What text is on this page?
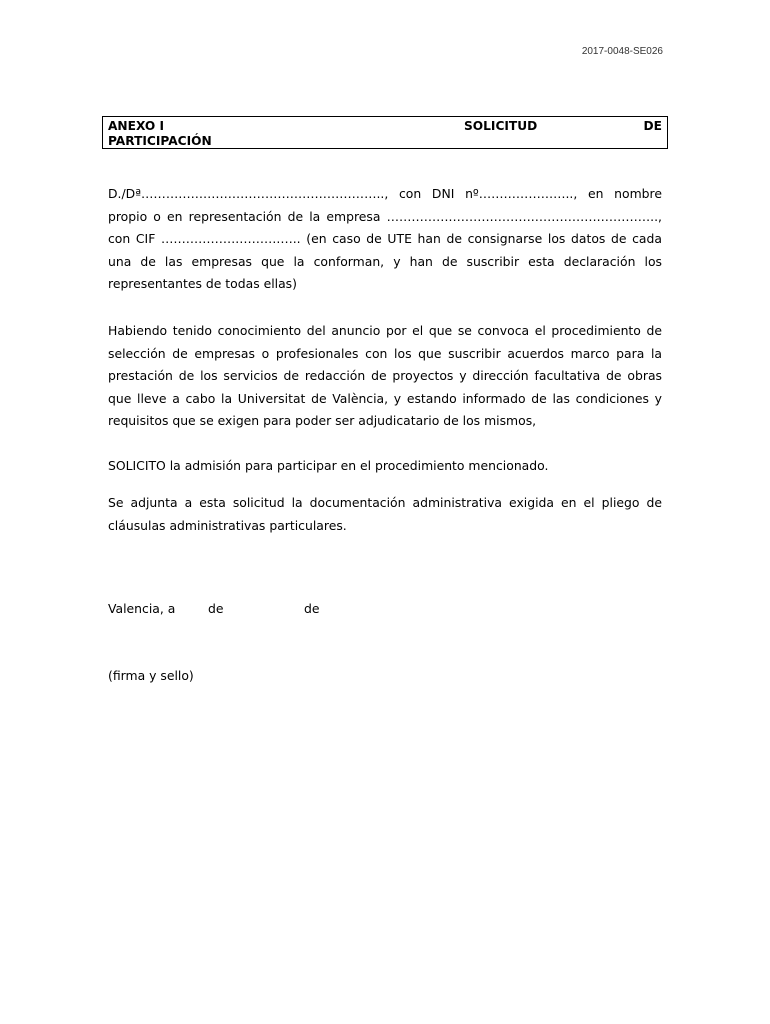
2017-0048-SE026
ANEXO I	SOLICITUD	DE
PARTICIPACIÓN
D./Dª………………………………………………….., con DNI nº………………….., en nombre propio o en representación de la empresa …………….……….……….…………….………….., con CIF ……………….……….….. (en caso de UTE han de consignarse los datos de cada una de las empresas que la conforman, y han de suscribir esta declaración los representantes de todas ellas)
Habiendo tenido conocimiento del anuncio por el que se convoca el procedimiento de selección de empresas o profesionales con los que suscribir acuerdos marco para la prestación de los servicios de redacción de proyectos y dirección facultativa de obras que lleve a cabo la Universitat de València, y estando informado de las condiciones y requisitos que se exigen para poder ser adjudicatario de los mismos,
SOLICITO la admisión para participar en el procedimiento mencionado.
Se adjunta a esta solicitud la documentación administrativa exigida en el pliego de cláusulas administrativas particulares.
Valencia, a	de	de
(firma y sello)
